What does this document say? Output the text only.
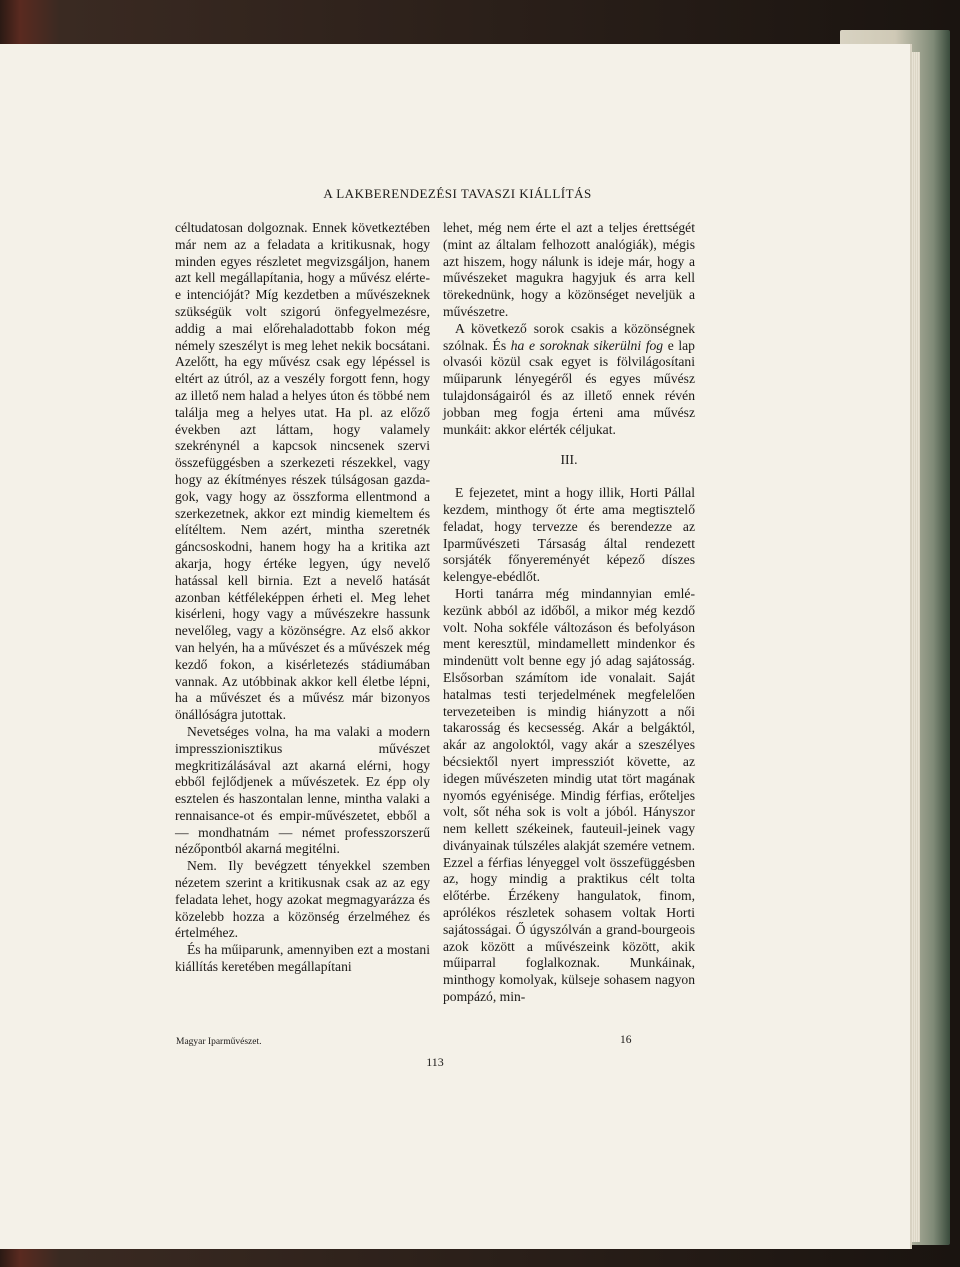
A LAKBERENDEZÉSI TAVASZI KIÁLLÍTÁS

céltudatosan dolgoznak. Ennek következtében már nem az a feladata a kritikusnak, hogy minden egyes részletet megvizsgáljon, hanem azt kell megállapítania, hogy a művész elérte-e intencióját? Míg kezdetben a művészeknek szükségük volt szigorú önfegyelmezésre, addig a mai előrehaladottabb fokon még némely szeszélyt is meg lehet nekik bocsátani. Azelőtt, ha egy művész csak egy lépéssel is eltért az útról, az a veszély forgott fenn, hogy az illető nem halad a helyes úton és többé nem találja meg a helyes utat. Ha pl. az előző években azt láttam, hogy valamely szekrénynél a kapcsok nincsenek szervi összefüggésben a szerkezeti részekkel, vagy hogy az ékítményes részek túlságosan gazdagok, vagy hogy az összforma ellentmond a szerkezetnek, akkor ezt mindig kiemeltem és elítéltem. Nem azért, mintha szeretnék gáncsoskodni, hanem hogy ha a kritika azt akarja, hogy értéke legyen, úgy nevelő hatással kell birnia. Ezt a nevelő hatását azonban kétféleképpen érheti el. Meg lehet kisérleni, hogy vagy a művészekre hassunk nevelőleg, vagy a közönségre. Az első akkor van helyén, ha a művészet és a művészek még kezdő fokon, a kisérletezés stádiumában vannak. Az utóbbinak akkor kell életbe lépni, ha a művészet és a művész már bizonyos önállóságra jutottak.

Nevetséges volna, ha ma valaki a modern impresszionisztikus művészet megkritizálásával azt akarná elérni, hogy ebből fejlődjenek a művészetek. Ez épp oly esztelen és haszontalan lenne, mintha valaki a rennaisance-ot és empir-művészetet, ebből a — mondhatnám — német professzorszerű nézőpontból akarná megitélni.

Nem. Ily bevégzett tényekkel szemben nézetem szerint a kritikusnak csak az az egy feladata lehet, hogy azokat megmagyarázza és közelebb hozza a közönség érzelméhez és értelméhez.

És ha műiparunk, amennyiben ezt a mostani kiállítás keretében megállapítani

lehet, még nem érte el azt a teljes érettségét (mint az általam felhozott analógiák), mégis azt hiszem, hogy nálunk is ideje már, hogy a művészeket magukra hagyjuk és arra kell törekednünk, hogy a közönséget neveljük a művészetre.

A következő sorok csakis a közönségnek szólnak. És ha e soroknak sikerülni fog e lap olvasói közül csak egyet is fölvilágosítani műiparunk lényegéről és egyes művész tulajdonságairól és az illető ennek révén jobban meg fogja érteni ama művész munkáit: akkor elérték céljukat.

III.

E fejezetet, mint a hogy illik, Horti Pállal kezdem, minthogy őt érte ama megtisztelő feladat, hogy tervezze és berendezze az Iparművészeti Társaság által rendezett sorsjáték főnyereményét képező díszes kelengye-ebédlőt.

Horti tanárra még mindannyian emlékezünk abból az időből, a mikor még kezdő volt. Noha sokféle változáson és befolyáson ment keresztül, mindamellett mindenkor és mindenütt volt benne egy jó adag sajátosság. Elsősorban számítom ide vonalait. Saját hatalmas testi terjedelmének megfelelően tervezeteiben is mindig hiányzott a női takarosság és kecsesség. Akár a belgáktól, akár az angoloktól, vagy akár a szeszélyes bécsiektől nyert impressziót követte, az idegen művészeten mindig utat tört magának nyomós egyénisége. Mindig férfias, erőteljes volt, sőt néha sok is volt a jóból. Hányszor nem kellett székeinek, fauteuil-jeinek vagy diványainak túlszéles alakját szemére vetnem. Ezzel a férfias lényeggel volt összefüggésben az, hogy mindig a praktikus célt tolta előtérbe. Érzékeny hangulatok, finom, aprólékos részletek sohasem voltak Horti sajátosságai. Ő úgyszólván a grand-bourgeois azok között a művészeink között, akik műiparral foglalkoznak. Munkáinak, minthogy komolyak, külseje sohasem nagyon pompázó, min-

Magyar Iparművészet.	16
113
